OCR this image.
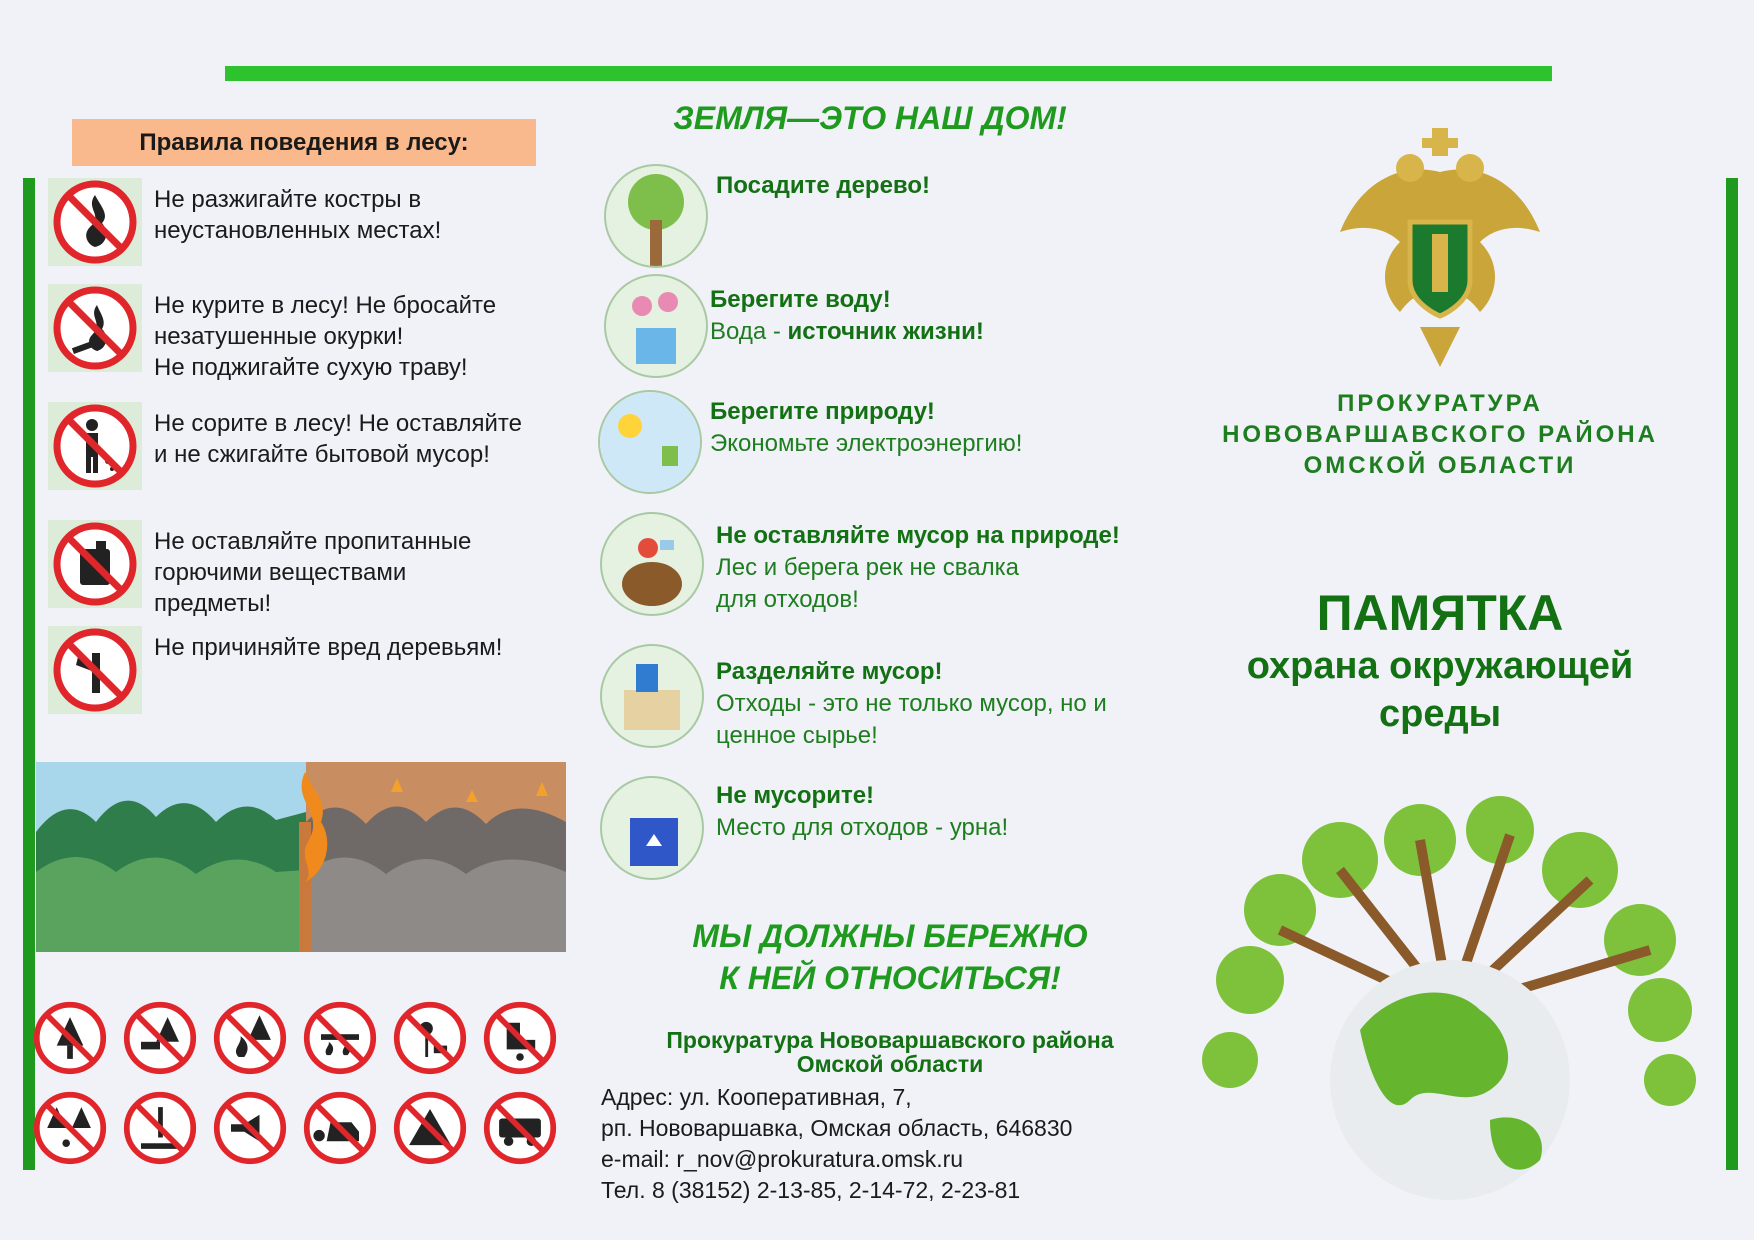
Правила поведения в лесу:
Не разжигайте костры в
неустановленных местах!
Не курите в лесу! Не бросайте
незатушенные окурки!
Не поджигайте сухую траву!
Не сорите в лесу! Не оставляйте
и не сжигайте бытовой мусор!
Не оставляйте пропитанные
горючими веществами
предметы!
Не причиняйте вред деревьям!
ЗЕМЛЯ—ЭТО НАШ ДОМ!
Посадите дерево!
Берегите воду!
Вода - источник жизни!
Берегите природу!
Экономьте электроэнергию!
Не оставляйте мусор на природе!
Лес и берега рек не свалка
для отходов!
Разделяйте мусор!
Отходы - это не только мусор, но и
ценное сырье!
Не мусорите!
Место для отходов - урна!
МЫ ДОЛЖНЫ БЕРЕЖНО
К НЕЙ ОТНОСИТЬСЯ!
Прокуратура Нововаршавского района
Омской области
Адрес: ул. Кооперативная, 7,
рп. Нововаршавка, Омская область, 646830
e-mail: r_nov@prokuratura.omsk.ru
Тел. 8 (38152) 2-13-85, 2-14-72, 2-23-81
ПРОКУРАТУРА
НОВОВАРШАВСКОГО РАЙОНА
ОМСКОЙ ОБЛАСТИ
ПАМЯТКА
охрана окружающей
среды
